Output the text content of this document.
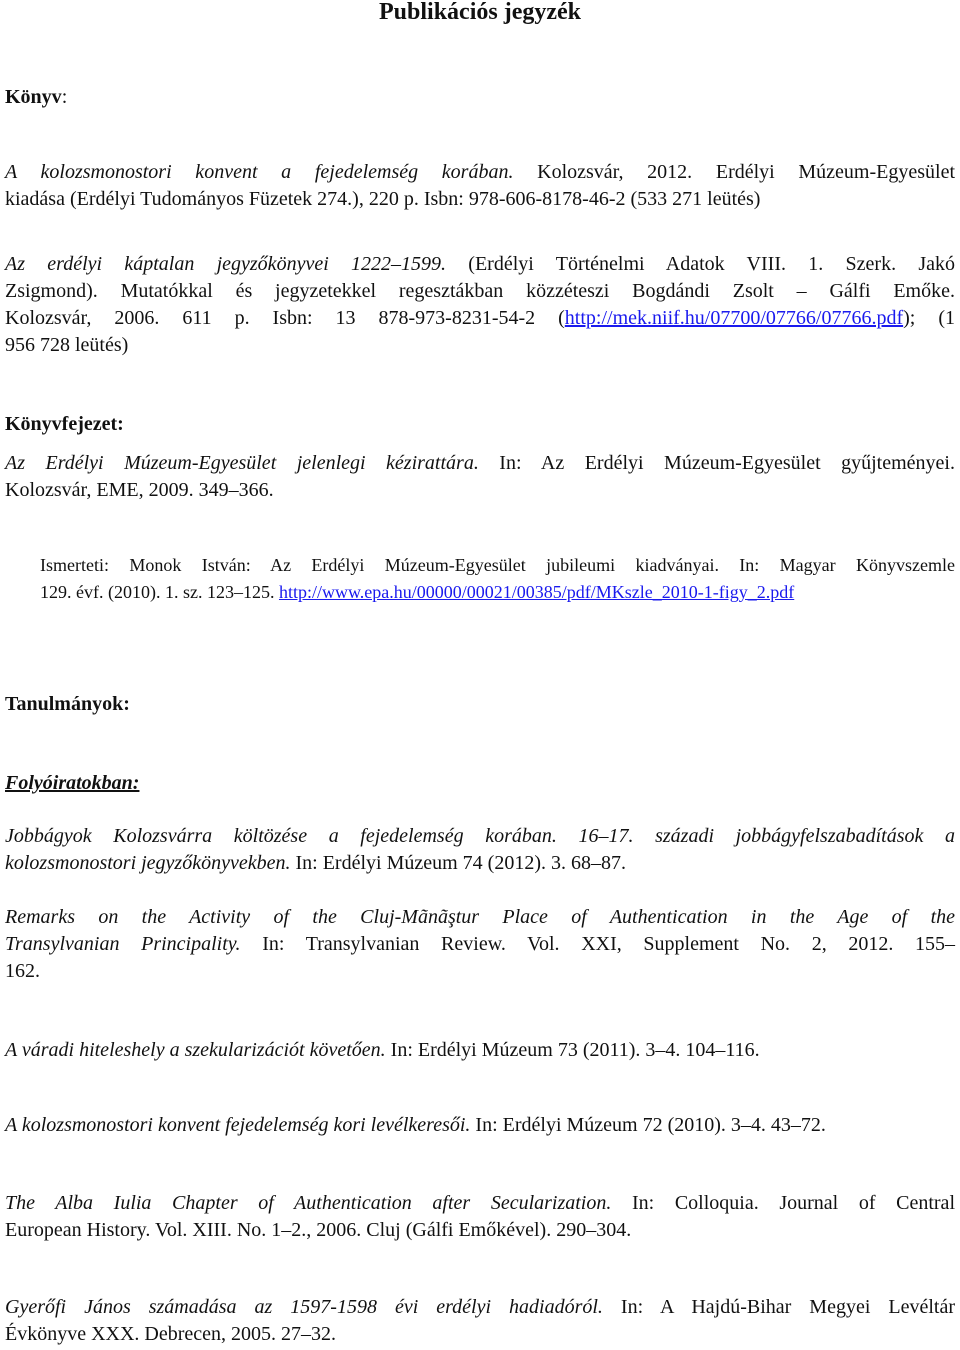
Publikációs jegyzék
Könyv:
A kolozsmonostori konvent a fejedelemség korában. Kolozsvár, 2012. Erdélyi Múzeum-Egyesület
kiadása (Erdélyi Tudományos Füzetek 274.), 220 p. Isbn: 978-606-8178-46-2 (533 271 leütés)
Az erdélyi káptalan jegyzőkönyvei 1222–1599. (Erdélyi Történelmi Adatok VIII. 1. Szerk. Jakó
Zsigmond). Mutatókkal és jegyzetekkel regesztákban közzéteszi Bogdándi Zsolt – Gálfi Emőke.
Kolozsvár, 2006. 611 p. Isbn: 13 878-973-8231-54-2 (http://mek.niif.hu/07700/07766/07766.pdf); (1
956 728 leütés)
Könyvfejezet:
Az Erdélyi Múzeum-Egyesület jelenlegi kézirattára. In: Az Erdélyi Múzeum-Egyesület gyűjteményei.
Kolozsvár, EME, 2009. 349–366.
Ismerteti: Monok István: Az Erdélyi Múzeum-Egyesület jubileumi kiadványai. In: Magyar Könyvszemle
129. évf. (2010). 1. sz. 123–125. http://www.epa.hu/00000/00021/00385/pdf/MKszle_2010-1-figy_2.pdf
Tanulmányok:
Folyóiratokban:
Jobbágyok Kolozsvárra költözése a fejedelemség korában. 16–17. századi jobbágyfelszabadítások a
kolozsmonostori jegyzőkönyvekben. In: Erdélyi Múzeum 74 (2012). 3. 68–87.
Remarks on the Activity of the Cluj-Mãnãştur Place of Authentication in the Age of the
Transylvanian Principality. In: Transylvanian Review. Vol. XXI, Supplement No. 2, 2012. 155–
162.
A váradi hiteleshely a szekularizációt követően. In: Erdélyi Múzeum 73 (2011). 3–4. 104–116.
A kolozsmonostori konvent fejedelemség kori levélkeresői. In: Erdélyi Múzeum 72 (2010). 3–4. 43–72.
The Alba Iulia Chapter of Authentication after Secularization. In: Colloquia. Journal of Central
European History. Vol. XIII. No. 1–2., 2006. Cluj (Gálfi Emőkével). 290–304.
Gyerőfi János számadása az 1597-1598 évi erdélyi hadiadóról. In: A Hajdú-Bihar Megyei Levéltár
Évkönyve XXX. Debrecen, 2005. 27–32.
